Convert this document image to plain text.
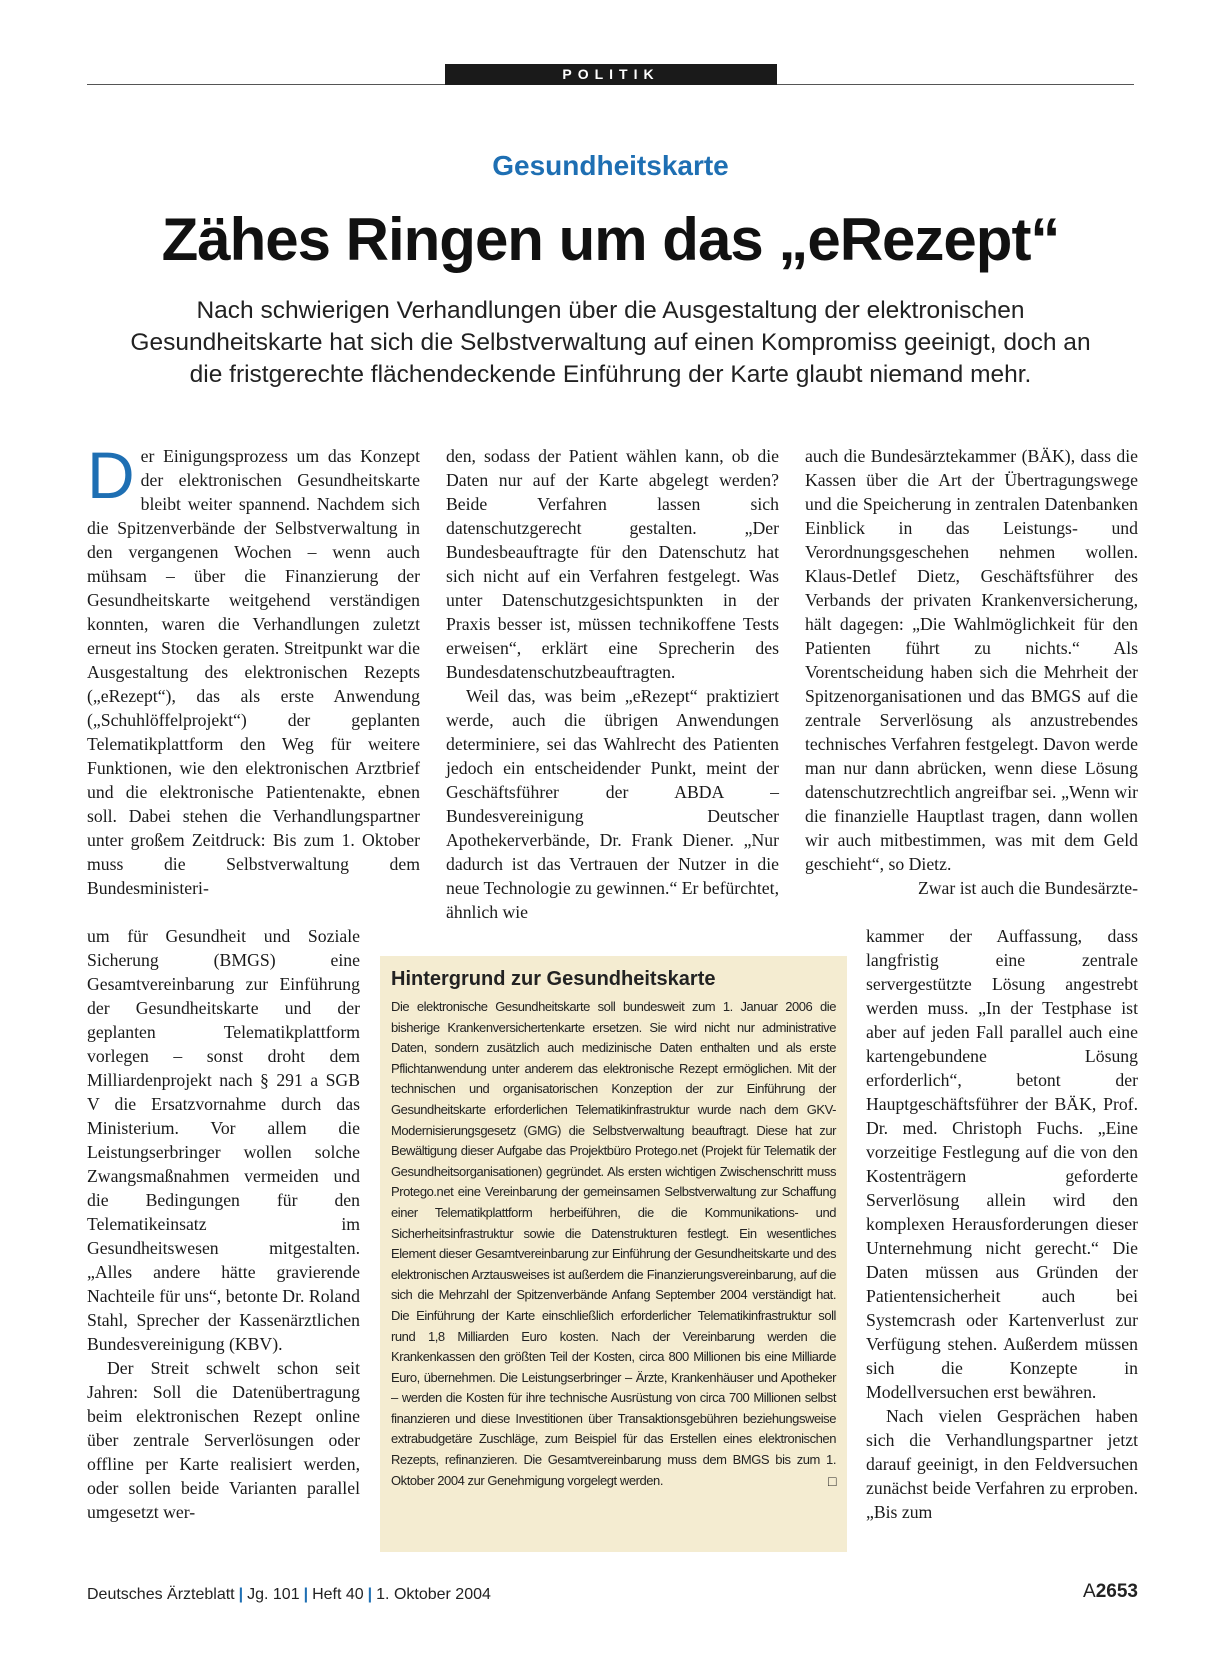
POLITIK
Gesundheitskarte
Zähes Ringen um das „eRezept“
Nach schwierigen Verhandlungen über die Ausgestaltung der elektronischen Gesundheitskarte hat sich die Selbstverwaltung auf einen Kompromiss geeinigt, doch an die fristgerechte flächendeckende Einführung der Karte glaubt niemand mehr.
D er Einigungsprozess um das Konzept der elektronischen Gesundheitskarte bleibt weiter spannend. Nachdem sich die Spitzenverbände der Selbstverwaltung in den vergangenen Wochen – wenn auch mühsam – über die Finanzierung der Gesundheitskarte weitgehend verständigen konnten, waren die Verhandlungen zuletzt erneut ins Stocken geraten. Streitpunkt war die Ausgestaltung des elektronischen Rezepts („eRezept“), das als erste Anwendung („Schuhlöffelprojekt“) der geplanten Telematikplattform den Weg für weitere Funktionen, wie den elektronischen Arztbrief und die elektronische Patientenakte, ebnen soll. Dabei stehen die Verhandlungspartner unter großem Zeitdruck: Bis zum 1. Oktober muss die Selbstverwaltung dem Bundesministeri-

um für Gesundheit und Soziale Sicherung (BMGS) eine Gesamtvereinbarung zur Einführung der Gesundheitskarte und der geplanten Telematikplattform vorlegen – sonst droht dem Milliardenprojekt nach § 291 a SGB V die Ersatzvornahme durch das Ministerium. Vor allem die Leistungserbringer wollen solche Zwangsmaßnahmen vermeiden und die Bedingungen für den Telematikeinsatz im Gesundheitswesen mitgestalten. „Alles andere hätte gravierende Nachteile für uns“, betonte Dr. Roland Stahl, Sprecher der Kassenärztlichen Bundesvereinigung (KBV).

Der Streit schwelt schon seit Jahren: Soll die Datenübertragung beim elektronischen Rezept online über zentrale Serverlösungen oder offline per Karte realisiert werden, oder sollen beide Varianten parallel umgesetzt wer-

den, sodass der Patient wählen kann, ob die Daten nur auf der Karte abgelegt werden? Beide Verfahren lassen sich datenschutzgerecht gestalten. „Der Bundesbeauftragte für den Datenschutz hat sich nicht auf ein Verfahren festgelegt. Was unter Datenschutzgesichtspunkten in der Praxis besser ist, müssen technikoffene Tests erweisen“, erklärt eine Sprecherin des Bundesdatenschutzbeauftragten.

Weil das, was beim „eRezept“ praktiziert werde, auch die übrigen Anwendungen determiniere, sei das Wahlrecht des Patienten jedoch ein entscheidender Punkt, meint der Geschäftsführer der ABDA – Bundesvereinigung Deutscher Apothekerverbände, Dr. Frank Diener. „Nur dadurch ist das Vertrauen der Nutzer in die neue Technologie zu gewinnen.“ Er befürchtet, ähnlich wie

auch die Bundesärztekammer (BÄK), dass die Kassen über die Art der Übertragungswege und die Speicherung in zentralen Datenbanken Einblick in das Leistungs- und Verordnungsgeschehen nehmen wollen. Klaus-Detlef Dietz, Geschäftsführer des Verbands der privaten Krankenversicherung, hält dagegen: „Die Wahlmöglichkeit für den Patienten führt zu nichts.“ Als Vorentscheidung haben sich die Mehrheit der Spitzenorganisationen und das BMGS auf die zentrale Serverlösung als anzustrebendes technisches Verfahren festgelegt. Davon werde man nur dann abrücken, wenn diese Lösung datenschutzrechtlich angreifbar sei. „Wenn wir die finanzielle Hauptlast tragen, dann wollen wir auch mitbestimmen, was mit dem Geld geschieht“, so Dietz.

Zwar ist auch die Bundesärzte-

kammer der Auffassung, dass langfristig eine zentrale servergestützte Lösung angestrebt werden muss. „In der Testphase ist aber auf jeden Fall parallel auch eine kartengebundene Lösung erforderlich“, betont der Hauptgeschäftsführer der BÄK, Prof. Dr. med. Christoph Fuchs. „Eine vorzeitige Festlegung auf die von den Kostenträgern geforderte Serverlösung allein wird den komplexen Herausforderungen dieser Unternehmung nicht gerecht.“ Die Daten müssen aus Gründen der Patientensicherheit auch bei Systemcrash oder Kartenverlust zur Verfügung stehen. Außerdem müssen sich die Konzepte in Modellversuchen erst bewähren.

Nach vielen Gesprächen haben sich die Verhandlungspartner jetzt darauf geeinigt, in den Feldversuchen zunächst beide Verfahren zu erproben. „Bis zum

Hintergrund zur Gesundheitskarte
Die elektronische Gesundheitskarte soll bundesweit zum 1. Januar 2006 die bisherige Krankenversichertenkarte ersetzen. Sie wird nicht nur administrative Daten, sondern zusätzlich auch medizinische Daten enthalten und als erste Pflichtanwendung unter anderem das elektronische Rezept ermöglichen. Mit der technischen und organisatorischen Konzeption der zur Einführung der Gesundheitskarte erforderlichen Telematikinfrastruktur wurde nach dem GKV-Modernisierungsgesetz (GMG) die Selbstverwaltung beauftragt. Diese hat zur Bewältigung dieser Aufgabe das Projektbüro Protego.net (Projekt für Telematik der Gesundheitsorganisationen) gegründet. Als ersten wichtigen Zwischenschritt muss Protego.net eine Vereinbarung der gemeinsamen Selbstverwaltung zur Schaffung einer Telematikplattform herbeiführen, die die Kommunikations- und Sicherheitsinfrastruktur sowie die Datenstrukturen festlegt. Ein wesentliches Element dieser Gesamtvereinbarung zur Einführung der Gesundheitskarte und des elektronischen Arztausweises ist außerdem die Finanzierungsvereinbarung, auf die sich die Mehrzahl der Spitzenverbände Anfang September 2004 verständigt hat. Die Einführung der Karte einschließlich erforderlicher Telematikinfrastruktur soll rund 1,8 Milliarden Euro kosten. Nach der Vereinbarung werden die Krankenkassen den größten Teil der Kosten, circa 800 Millionen bis eine Milliarde Euro, übernehmen. Die Leistungserbringer – Ärzte, Krankenhäuser und Apotheker – werden die Kosten für ihre technische Ausrüstung von circa 700 Millionen selbst finanzieren und diese Investitionen über Transaktionsgebühren beziehungsweise extrabudgetäre Zuschläge, zum Beispiel für das Erstellen eines elektronischen Rezepts, refinanzieren. Die Gesamtvereinbarung muss dem BMGS bis zum 1. Oktober 2004 zur Genehmigung vorgelegt werden.	□
Deutsches Ärzteblatt | Jg. 101 | Heft 40 | 1. Oktober 2004	A2653
